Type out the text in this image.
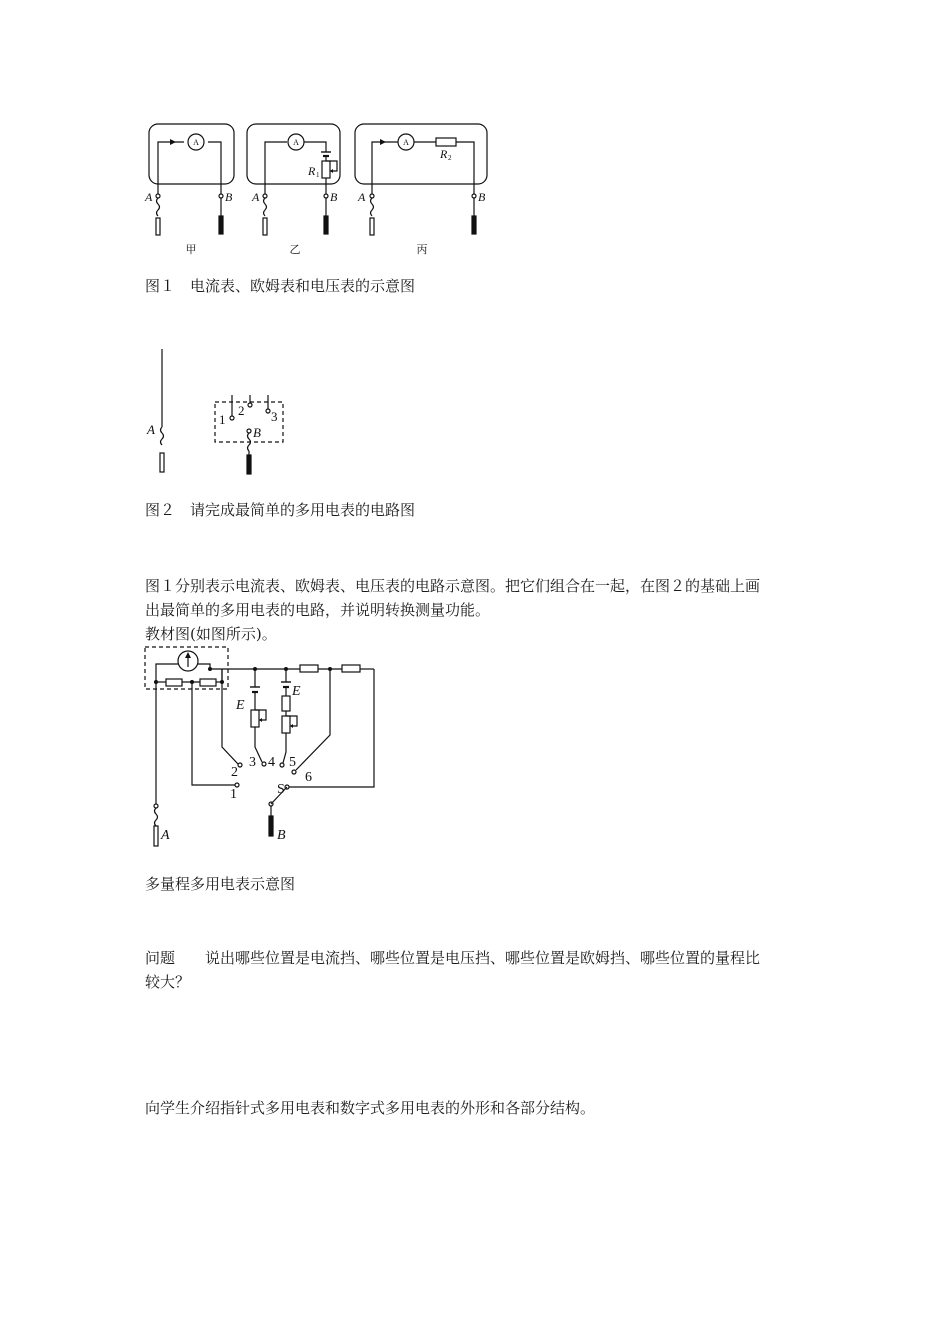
A	B A	B A	B
R
R
1
2
A	A	A
甲	乙	丙
图１　电流表、欧姆表和电压表的示意图
A	B
1
2 3
图２　请完成最简单的多用电表的电路图
图１分别表示电流表、欧姆表、电压表的电路示意图。把它们组合在一起，在图２的基础上画
出最简单的多用电表的电路，并说明转换测量功能。
教材图(如图所示)。
E
E
1
2
3 4 5
6
S
A	B
多量程多用电表示意图
问题 说出哪些位置是电流挡、哪些位置是电压挡、哪些位置是欧姆挡、哪些位置的量程比
较大？
向学生介绍指针式多用电表和数字式多用电表的外形和各部分结构。
